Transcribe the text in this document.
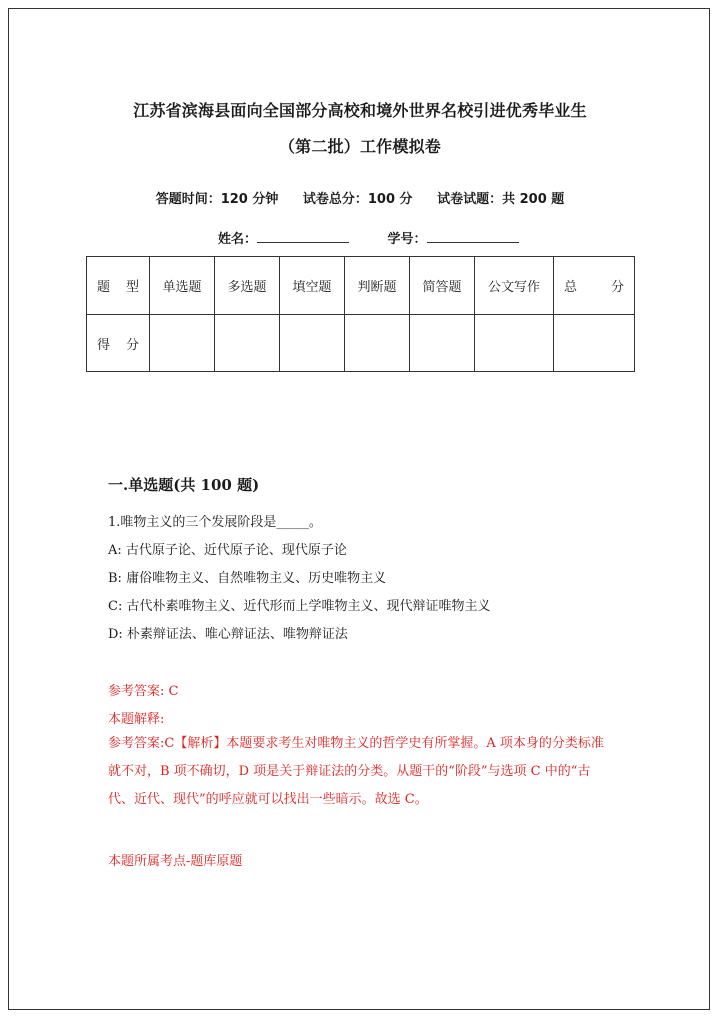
江苏省滨海县面向全国部分高校和境外世界名校引进优秀毕业生
（第二批）工作模拟卷
答题时间：120 分钟 试卷总分：100 分 试卷试题：共 200 题
姓名：	学号：
题 型	单选题	多选题	填空题	判断题	简答题	公文写作	总 分

得 分							

一.单选题(共 100 题)
1.唯物主义的三个发展阶段是_____。
A: 古代原子论、近代原子论、现代原子论
B: 庸俗唯物主义、自然唯物主义、历史唯物主义
C: 古代朴素唯物主义、近代形而上学唯物主义、现代辩证唯物主义
D: 朴素辩证法、唯心辩证法、唯物辩证法
参考答案: C
本题解释:
参考答案:C【解析】本题要求考生对唯物主义的哲学史有所掌握。A 项本身的分类标准就不对，B 项不确切，D 项是关于辩证法的分类。从题干的“阶段”与选项 C 中的“古代、近代、现代”的呼应就可以找出一些暗示。故选 C。
本题所属考点-题库原题
